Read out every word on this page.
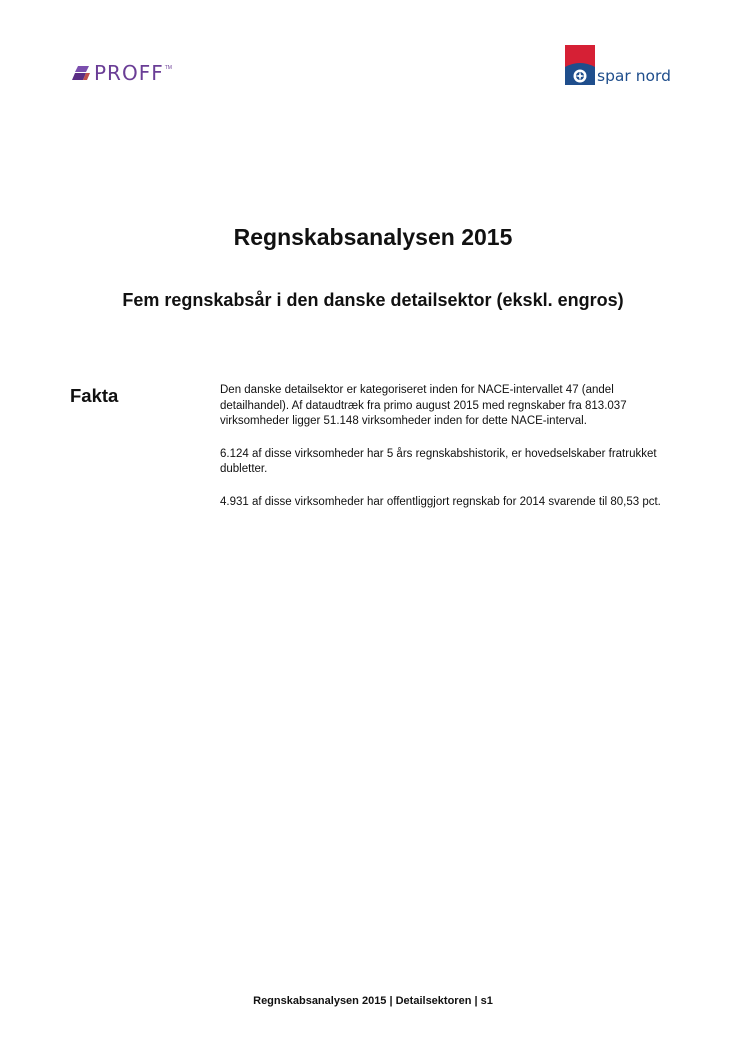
PROFF TM	spar nord
Regnskabsanalysen 2015
Fem regnskabsår i den danske detailsektor (ekskl. engros)
Fakta	Den danske detailsektor er kategoriseret inden for NACE-intervallet 47 (andel detailhandel). Af dataudtræk fra primo august 2015 med regnskaber fra 813.037 virksomheder ligger 51.148 virksomheder inden for dette NACE-interval.

6.124 af disse virksomheder har 5 års regnskabshistorik, er hovedselskaber fratrukket dubletter.

4.931 af disse virksomheder har offentliggjort regnskab for 2014 svarende til 80,53 pct.

Regnskabsanalysen 2015 | Detailsektoren | s1
